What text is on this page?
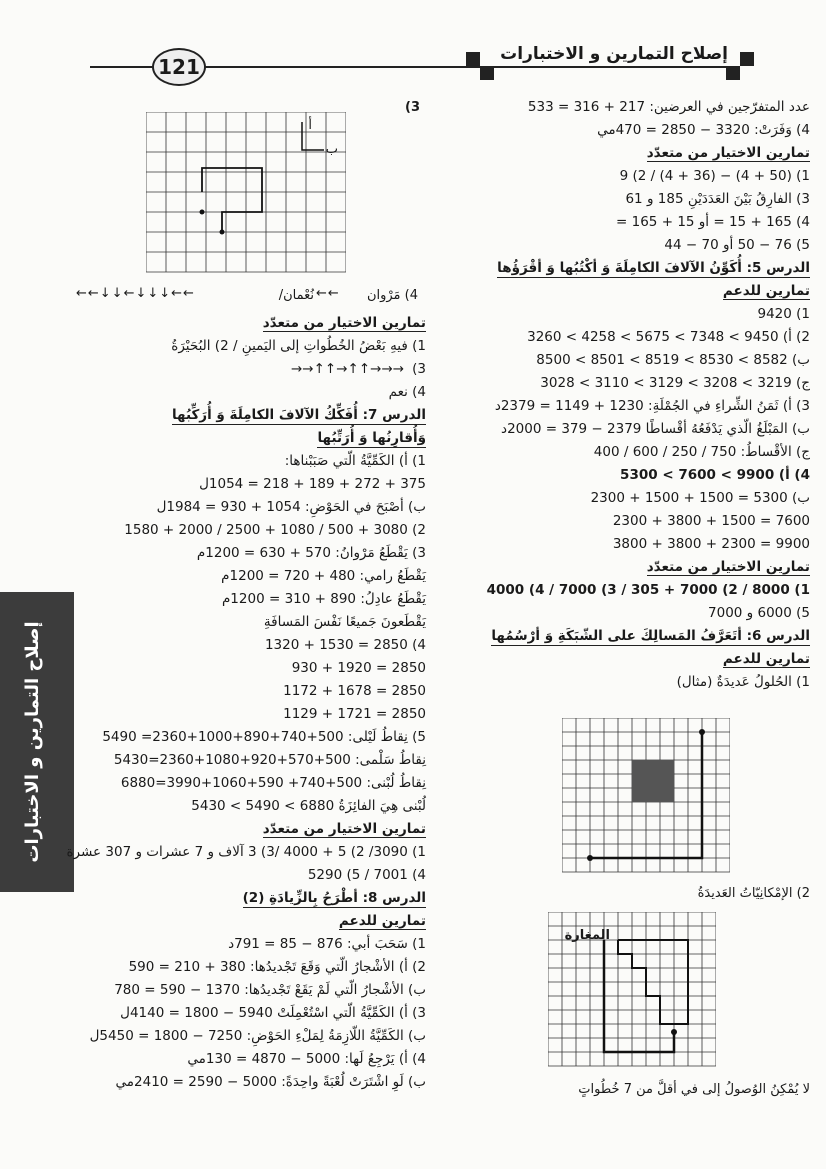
إصلاح التمارين و الاختبارات
121
إصلاح التمارين و الاختبارات
عدد المتفرّجين في العرضين: 217 + 316 = 533
4) وَفَرَتْ: 3320 − 2850 = 470مي
تمارين الاختيار من متعدّد
1) (50 + 4) − (36 + 4) / 2) 9
3) الفارِقُ بَيْنَ العَدَدَيْنِ 185 و 61
4) 165 + 15 = أو 15 + 165 =
5) 76 − 50 أو 70 − 44
الدرس 5: أُكَوِّنُ الآلافَ الكامِلَةَ وَ أكْتُبُها وَ أقْرَؤُها
تمارين للدعم
1) 9420
2) أ) 9450 > 7348 > 5675 > 4258 > 3260
ب) 8582 > 8530 > 8519 > 8501 > 8500
ج) 3219 > 3208 > 3129 > 3110 > 3028
3) أ) ثَمَنُ الشِّراءِ في الجُمْلَةِ: 1230 + 1149 = 2379د
ب) المَبْلَغُ الّذي يَدْفَعُهُ أقْساطًا 2379 − 379 = 2000د
ج) الأقْساطُ: 750 / 250 / 600 / 400
4) أ) 9900 > 7600 > 5300
ب) 5300 = 1500 + 1500 + 2300
7600 = 1500 + 3800 + 2300
9900 = 2300 + 3800 + 3800
تمارين الاختيار من متعدّد
1) 8000 / 2) 7000 + 305 / 3) 7000 / 4) 4000
5) 6000 و 7000
الدرس 6: أتَعَرَّفُ المَسالِكَ على الشّبَكَةِ وَ أرْسُمُها
تمارين للدعم
1) الحُلولُ عَديدَةٌ (مثال)
2) الإمْكانِيّاتُ العَديدَةُ
المغارة
لا يُمْكِنُ الوُصولُ إلى في أقلَّ من 7 خُطُواتٍ
3)
أ
ب
4) مَرْوان
نُعْمان/
←←↓↓↓←↓↓←←	←←
تمارين الاختيار من متعدّد
1) فيهِ بَعْضُ الخُطُواتِ إلى اليَمينِ / 2) البُحَيْرَةُ
3)→→↑↑→↑↑→→→
4) نعم
الدرس 7: أُفَكِّكُ الآلافَ الكامِلَةَ وَ أُرَكِّبُها
وَأُقارِنُها وَ أُرَتِّبُها
1) أ) الكَمِّيَّةُ الّتي صَبَبْناها:
375 + 272 + 189 + 218 = 1054ل
ب) أصْبَحَ في الحَوْضِ: 1054 + 930 = 1984ل
2) 3080 + 500 / 1080 + 2500 / 2000 + 1580
3) يَقْطَعُ مَرْوانُ: 570 + 630 = 1200م
يَقْطَعُ رامي: 480 + 720 = 1200م
يَقْطَعُ عادِلُ: 890 + 310 = 1200م
يَقْطَعونَ جَميعًا نَفْسَ المَسافَةِ
4) 2850 = 1530 + 1320
2850 = 1920 + 930
2850 = 1678 + 1172
2850 = 1721 + 1129
5) نِقاطُ لَيْلى: 500+740+890+1000+2360= 5490
نِقاطُ سَلْمى: 500+570+920+1080+2360=5430
نِقاطُ لُبْنى: 500+740+ 590+1060+3990=6880
لُبْنى هِيَ الفائِزَةُ 6880 > 5490 > 5430
تمارين الاختيار من متعدّد
1) 3090/ 2) 5 + 4000 /3) 3 آلاف و 7 عشرات و 307 عشرة
4) 7001 / 5) 5290
الدرس 8: أطْرَحُ بِالزِّيادَةِ (2)
تمارين للدعم
1) سَحَبَ أبي: 876 − 85 = 791د
2) أ) الأشْجارُ الّتي وَقَعَ تَجْديدُها: 380 + 210 = 590
ب) الأشْجارُ الّتي لَمْ يَقَعْ تَجْديدُها: 1370 − 590 = 780
3) أ) الكَمِّيَّةُ الّتي اسْتُعْمِلَتْ 5940 − 1800 = 4140ل
ب) الكَمِّيَّةُ اللّازِمَةُ لِمَلْءِ الحَوْضِ: 7250 − 1800 = 5450ل
4) أ) يَرْجِعُ لَها: 5000 − 4870 = 130مي
ب) لَوِ اشْتَرَتْ لُعْبَةً واحِدَةً: 5000 − 2590 = 2410مي
